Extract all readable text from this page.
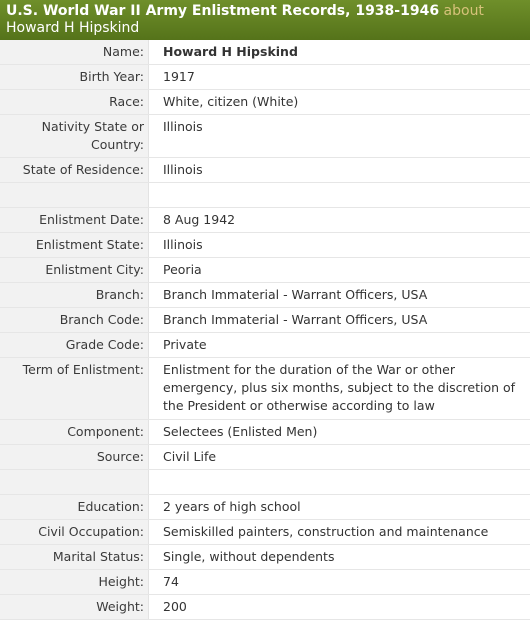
U.S. World War II Army Enlistment Records, 1938-1946 about Howard H Hipskind
Name:	Howard H Hipskind
Birth Year:	1917
Race:	White, citizen (White)
Nativity State or Country:
Illinois
State of Residence:	Illinois
Enlistment Date:	8 Aug 1942
Enlistment State:	Illinois
Enlistment City:	Peoria
Branch:	Branch Immaterial - Warrant Officers, USA
Branch Code:	Branch Immaterial - Warrant Officers, USA
Grade Code:	Private
Term of Enlistment:	Enlistment for the duration of the War or other emergency, plus six months, subject to the discretion of the President or otherwise according to law
Component:	Selectees (Enlisted Men)
Source:	Civil Life
Education:	2 years of high school
Civil Occupation:	Semiskilled painters, construction and maintenance
Marital Status:	Single, without dependents
Height:	74
Weight:	200
